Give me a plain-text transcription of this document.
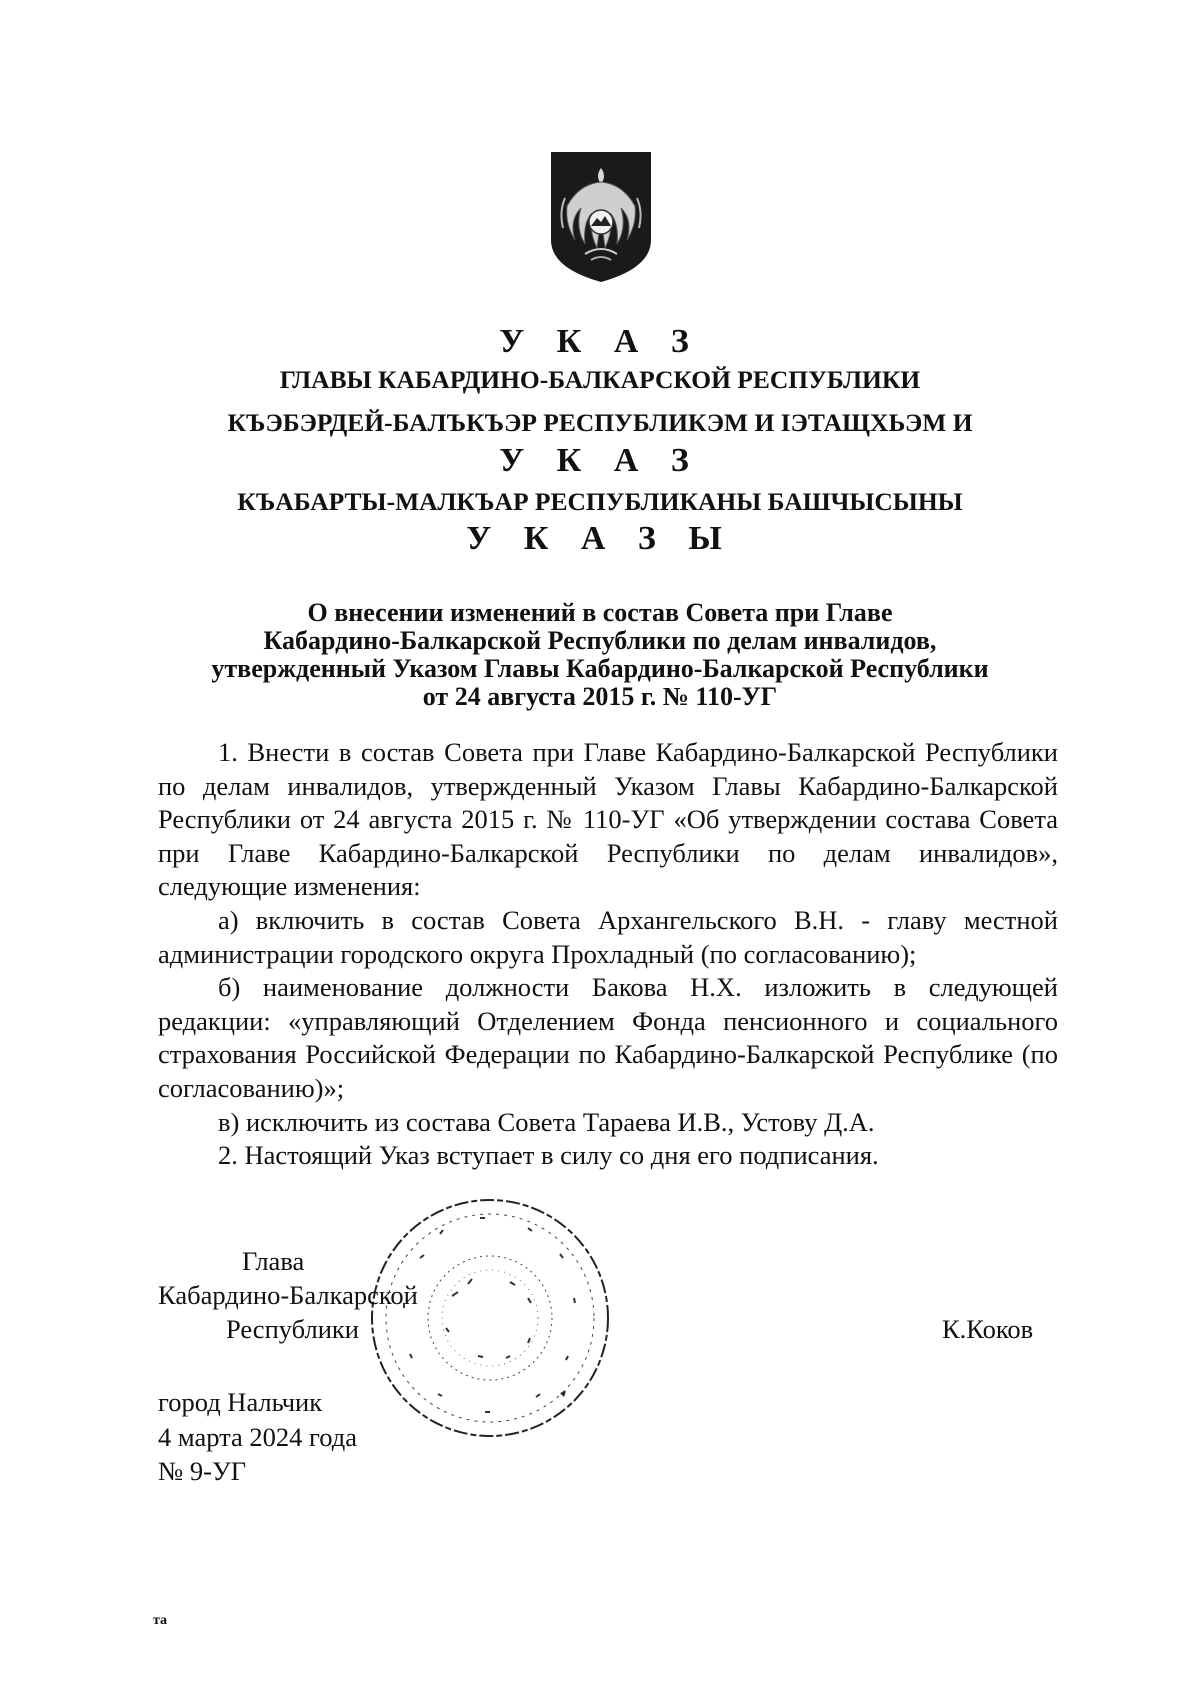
У К А З
ГЛАВЫ КАБАРДИНО-БАЛКАРСКОЙ РЕСПУБЛИКИ
КЪЭБЭРДЕЙ-БАЛЪКЪЭР РЕСПУБЛИКЭМ И ІЭТАЩХЬЭМ И
У К А З
КЪАБАРТЫ-МАЛКЪАР РЕСПУБЛИКАНЫ БАШЧЫСЫНЫ
У К А З Ы
О внесении изменений в состав Совета при Главе
Кабардино-Балкарской Республики по делам инвалидов,
утвержденный Указом Главы Кабардино-Балкарской Республики
от 24 августа 2015 г. № 110-УГ

1. Внести в состав Совета при Главе Кабардино-Балкарской Республики по делам инвалидов, утвержденный Указом Главы Кабардино-Балкарской Республики от 24 августа 2015 г. № 110-УГ «Об утверждении состава Совета при Главе Кабардино-Балкарской Республики по делам инвалидов», следующие изменения:

а) включить в состав Совета Архангельского В.Н. - главу местной администрации городского округа Прохладный (по согласованию);

б) наименование должности Бакова Н.Х. изложить в следующей редакции: «управляющий Отделением Фонда пенсионного и социального страхования Российской Федерации по Кабардино-Балкарской Республике (по согласованию)»;

в) исключить из состава Совета Тараева И.В., Устову Д.А.

2. Настоящий Указ вступает в силу со дня его подписания.

Глава
Кабардино-Балкарской
Республики	К.Коков
город Нальчик
4 марта 2024 года
№ 9-УГ
та
